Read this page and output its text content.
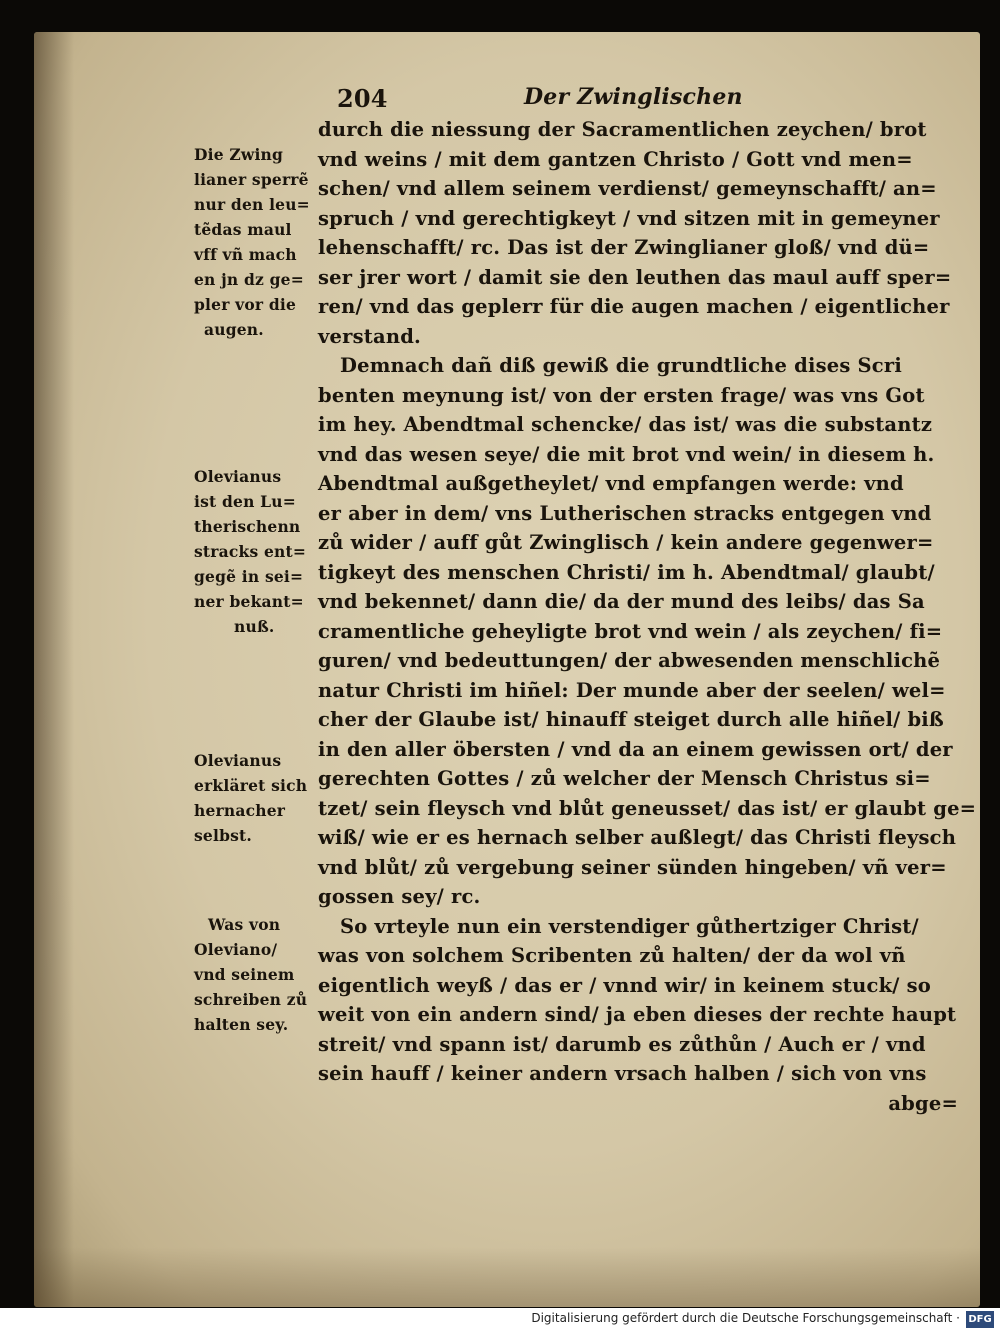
204	Der Zwinglischen
Die Zwing
lianer sperrẽ
nur den leu=
tẽdas maul
vff vñ mach
en jn dz ge=
pler vor die
augen.
Olevianus
ist den Lu=
therischenn
stracks ent=
gegẽ in sei=
ner bekant=
nuß.
Olevianus
erkläret sich
hernacher
selbst.
Was von
Oleviano/
vnd seinem
schreiben zů
halten sey.
durch die niessung der Sacramentlichen zeychen/ brot
vnd weins / mit dem gantzen Christo / Gott vnd men=
schen/ vnd allem seinem verdienst/ gemeynschafft/ an=
spruch / vnd gerechtigkeyt / vnd sitzen mit in gemeyner
lehenschafft/ rc. Das ist der Zwinglianer gloß/ vnd dü=
ser jrer wort / damit sie den leuthen das maul auff sper=
ren/ vnd das geplerr für die augen machen / eigentlicher
verstand.
Demnach dañ diß gewiß die grundtliche dises Scri
benten meynung ist/ von der ersten frage/ was vns Got
im hey. Abendtmal schencke/ das ist/ was die substantz
vnd das wesen seye/ die mit brot vnd wein/ in diesem h.
Abendtmal außgetheylet/ vnd empfangen werde: vnd
er aber in dem/ vns Lutherischen stracks entgegen vnd
zů wider / auff gůt Zwinglisch / kein andere gegenwer=
tigkeyt des menschen Christi/ im h. Abendtmal/ glaubt/
vnd bekennet/ dann die/ da der mund des leibs/ das Sa
cramentliche geheyligte brot vnd wein / als zeychen/ fi=
guren/ vnd bedeuttungen/ der abwesenden menschlichẽ
natur Christi im hiñel: Der munde aber der seelen/ wel=
cher der Glaube ist/ hinauff steiget durch alle hiñel/ biß
in den aller öbersten / vnd da an einem gewissen ort/ der
gerechten Gottes / zů welcher der Mensch Christus si=
tzet/ sein fleysch vnd blůt geneusset/ das ist/ er glaubt ge=
wiß/ wie er es hernach selber außlegt/ das Christi fleysch
vnd blůt/ zů vergebung seiner sünden hingeben/ vñ ver=
gossen sey/ rc.
So vrteyle nun ein verstendiger gůthertziger Christ/
was von solchem Scribenten zů halten/ der da wol vñ
eigentlich weyß / das er / vnnd wir/ in keinem stuck/ so
weit von ein andern sind/ ja eben dieses der rechte haupt
streit/ vnd spann ist/ darumb es zůthůn / Auch er / vnd
sein hauff / keiner andern vrsach halben / sich von vns
abge=
Digitalisierung gefördert durch die Deutsche Forschungsgemeinschaft · DFG
